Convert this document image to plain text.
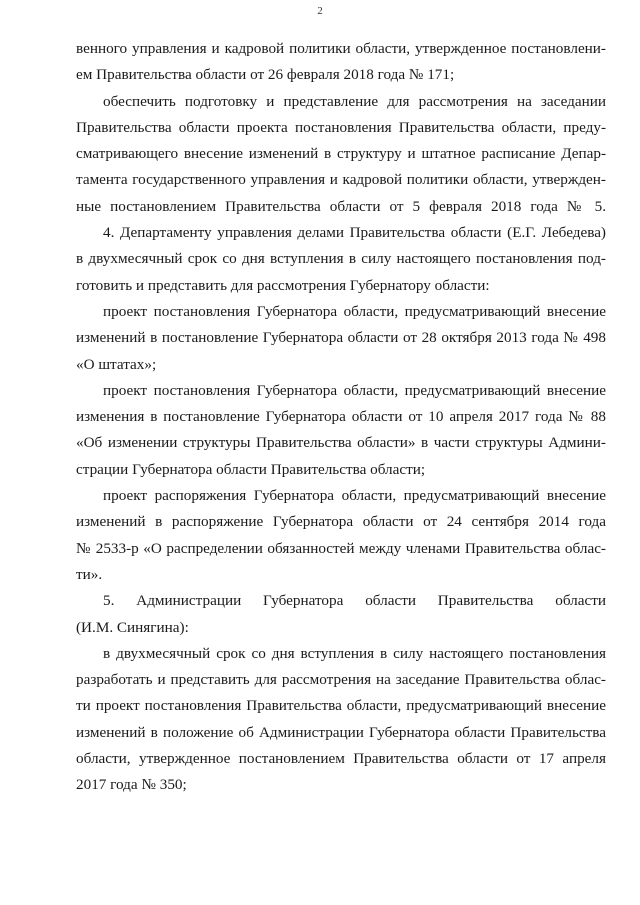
2

венного управления и кадровой политики области, утвержденное постановлени-
ем Правительства области от 26 февраля 2018 года № 171;

обеспечить подготовку и представление для рассмотрения на заседании
Правительства области проекта постановления Правительства области, преду-
сматривающего внесение изменений в структуру и штатное расписание Депар-
тамента государственного управления и кадровой политики области, утвержден-
ные постановлением Правительства области от 5 февраля 2018 года № 5.

4. Департаменту управления делами Правительства области (Е.Г. Лебедева)
в двухмесячный срок со дня вступления в силу настоящего постановления под-
готовить и представить для рассмотрения Губернатору области:

проект постановления Губернатора области, предусматривающий внесение
изменений в постановление Губернатора области от 28 октября 2013 года № 498
«О штатах»;

проект постановления Губернатора области, предусматривающий внесение
изменения в постановление Губернатора области от 10 апреля 2017 года № 88
«Об изменении структуры Правительства области» в части структуры Админи-
страции Губернатора области Правительства области;

проект распоряжения Губернатора области, предусматривающий внесение
изменений в распоряжение Губернатора области от 24 сентября 2014 года
№ 2533-р «О распределении обязанностей между членами Правительства облас-
ти».

5. Администрации Губернатора области Правительства области
(И.М. Синягина):

в двухмесячный срок со дня вступления в силу настоящего постановления
разработать и представить для рассмотрения на заседание Правительства облас-
ти проект постановления Правительства области, предусматривающий внесение
изменений в положение об Администрации Губернатора области Правительства
области, утвержденное постановлением Правительства области от 17 апреля
2017 года № 350;
